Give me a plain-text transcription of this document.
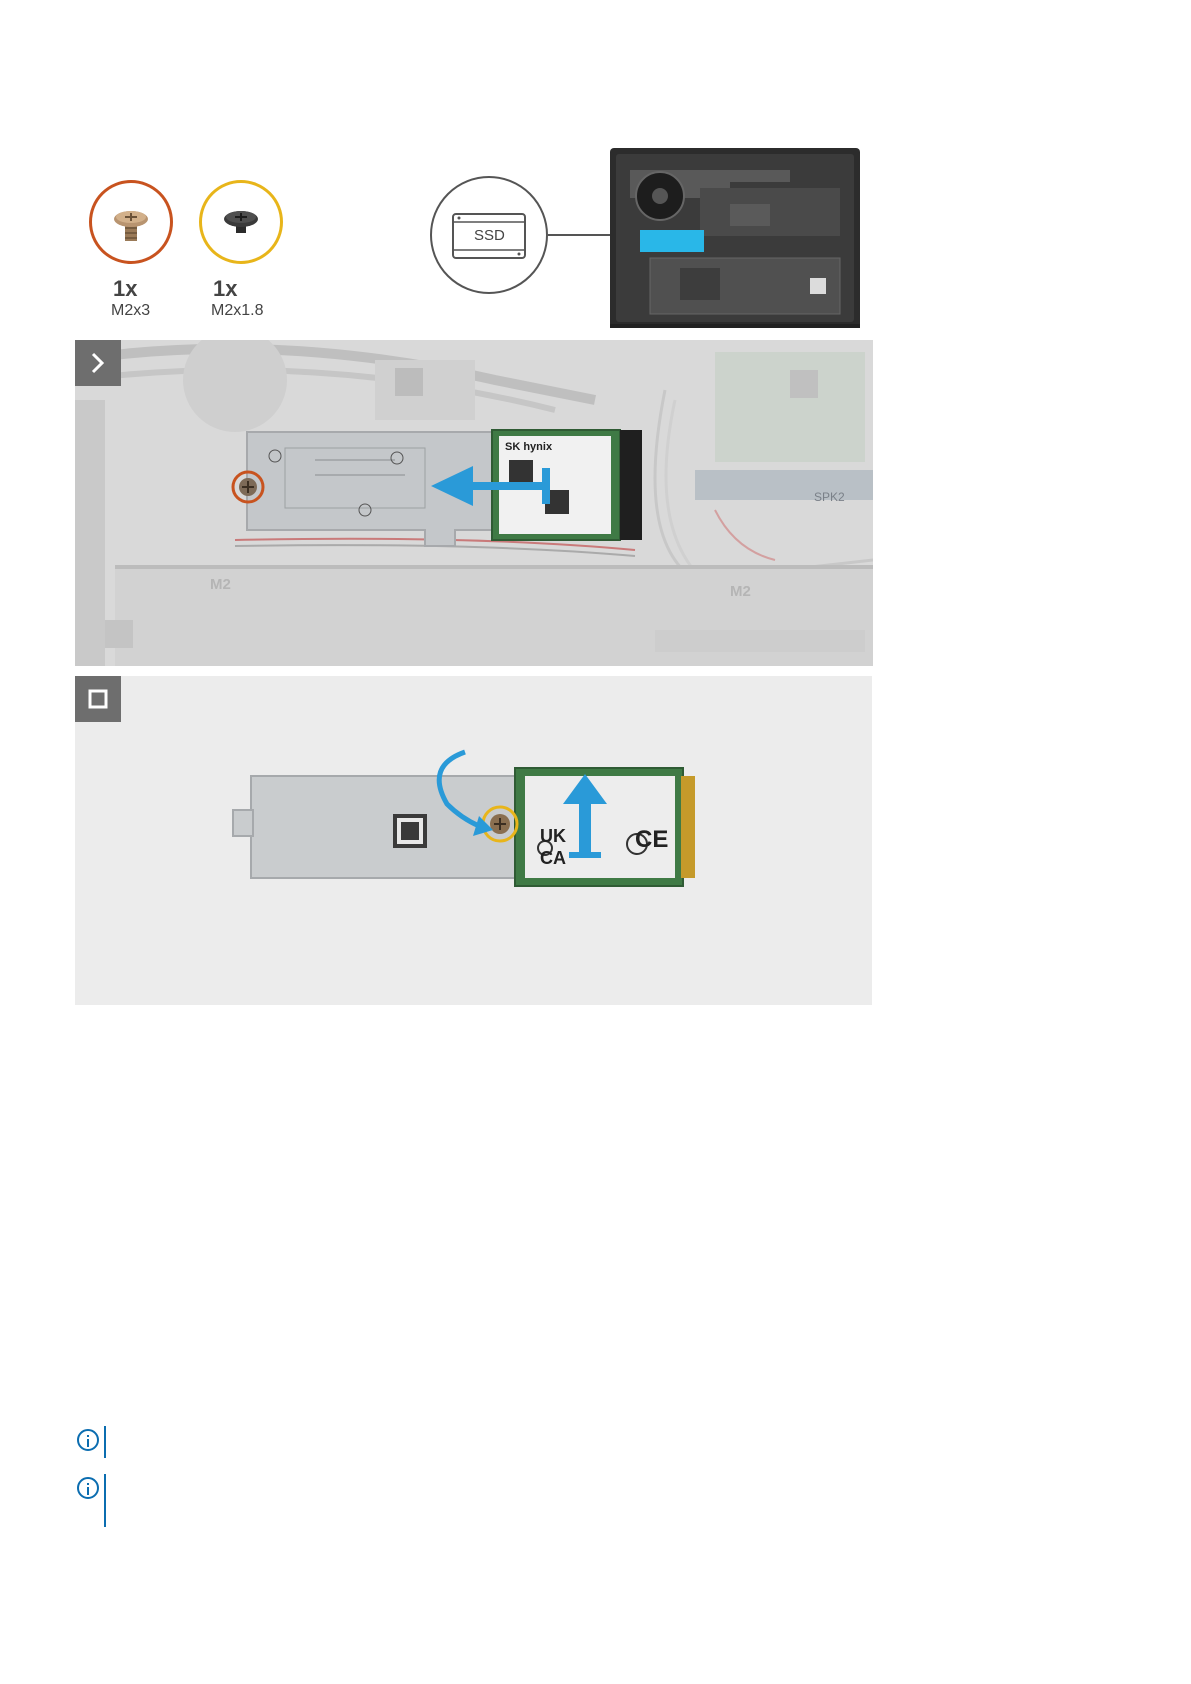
1x
M2x3
1x
M2x1.8
SSD
SK hynix
M2	M2
SPK2
UK
CA
CE
